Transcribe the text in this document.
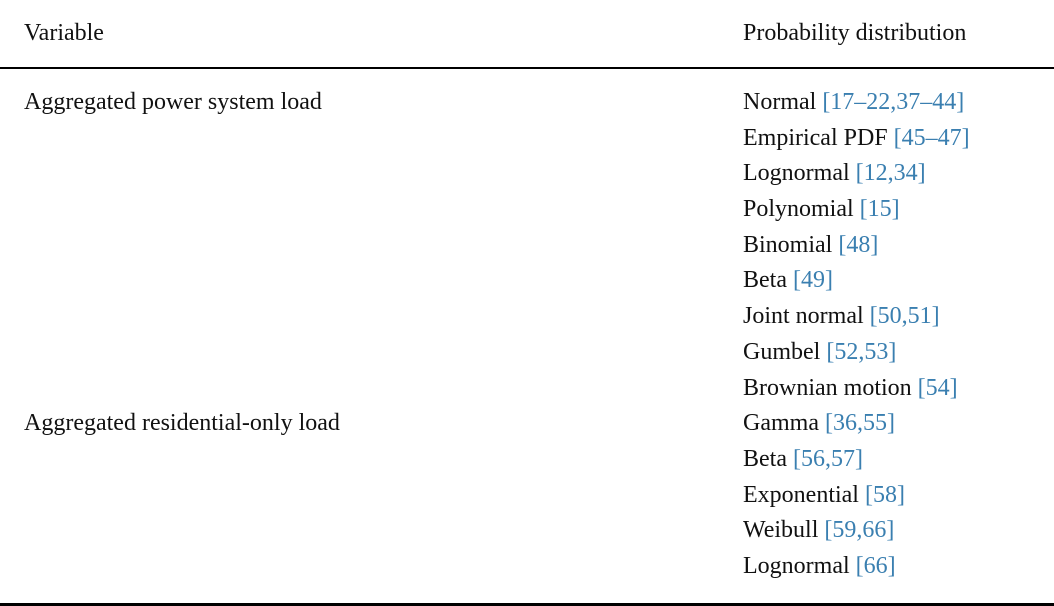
Variable	Probability distribution
Aggregated power system load
Aggregated residential-only load
Normal [17–22,37–44]
Empirical PDF [45–47]
Lognormal [12,34]
Polynomial [15]
Binomial [48]
Beta [49]
Joint normal [50,51]
Gumbel [52,53]
Brownian motion [54]
Gamma [36,55]
Beta [56,57]
Exponential [58]
Weibull [59,66]
Lognormal [66]
